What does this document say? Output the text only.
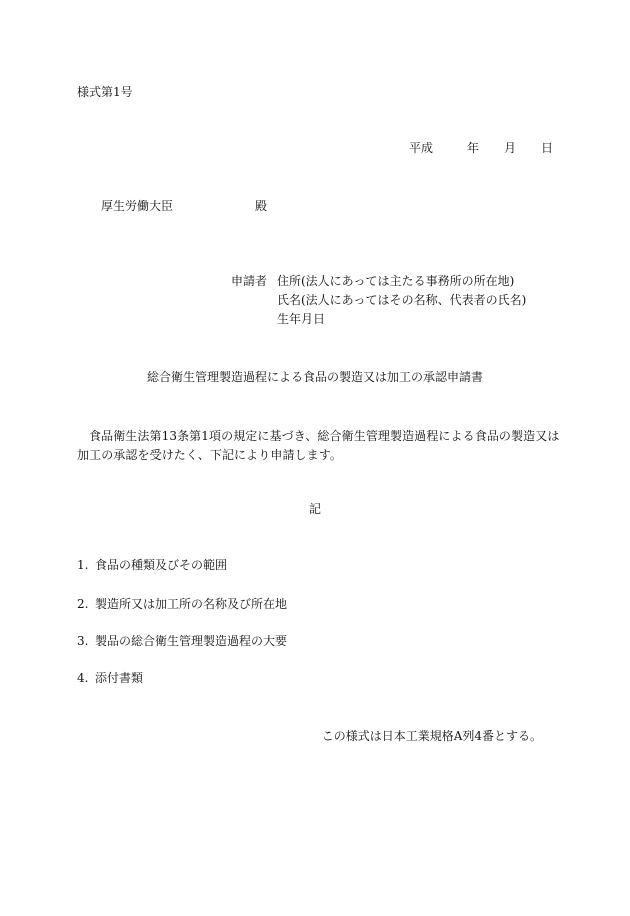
様式第1号
平成	年 月 日
厚生労働大臣	殿
申請者 住所(法人にあっては主たる事務所の所在地)
氏名(法人にあってはその名称、代表者の氏名)
生年月日
総合衛生管理製造過程による食品の製造又は加工の承認申請書
食品衛生法第13条第1項の規定に基づき、総合衛生管理製造過程による食品の製造又は加工の承認を受けたく、下記により申請します。
記
1. 食品の種類及びその範囲
2. 製造所又は加工所の名称及び所在地
3. 製品の総合衛生管理製造過程の大要
4. 添付書類
この様式は日本工業規格A列4番とする。
